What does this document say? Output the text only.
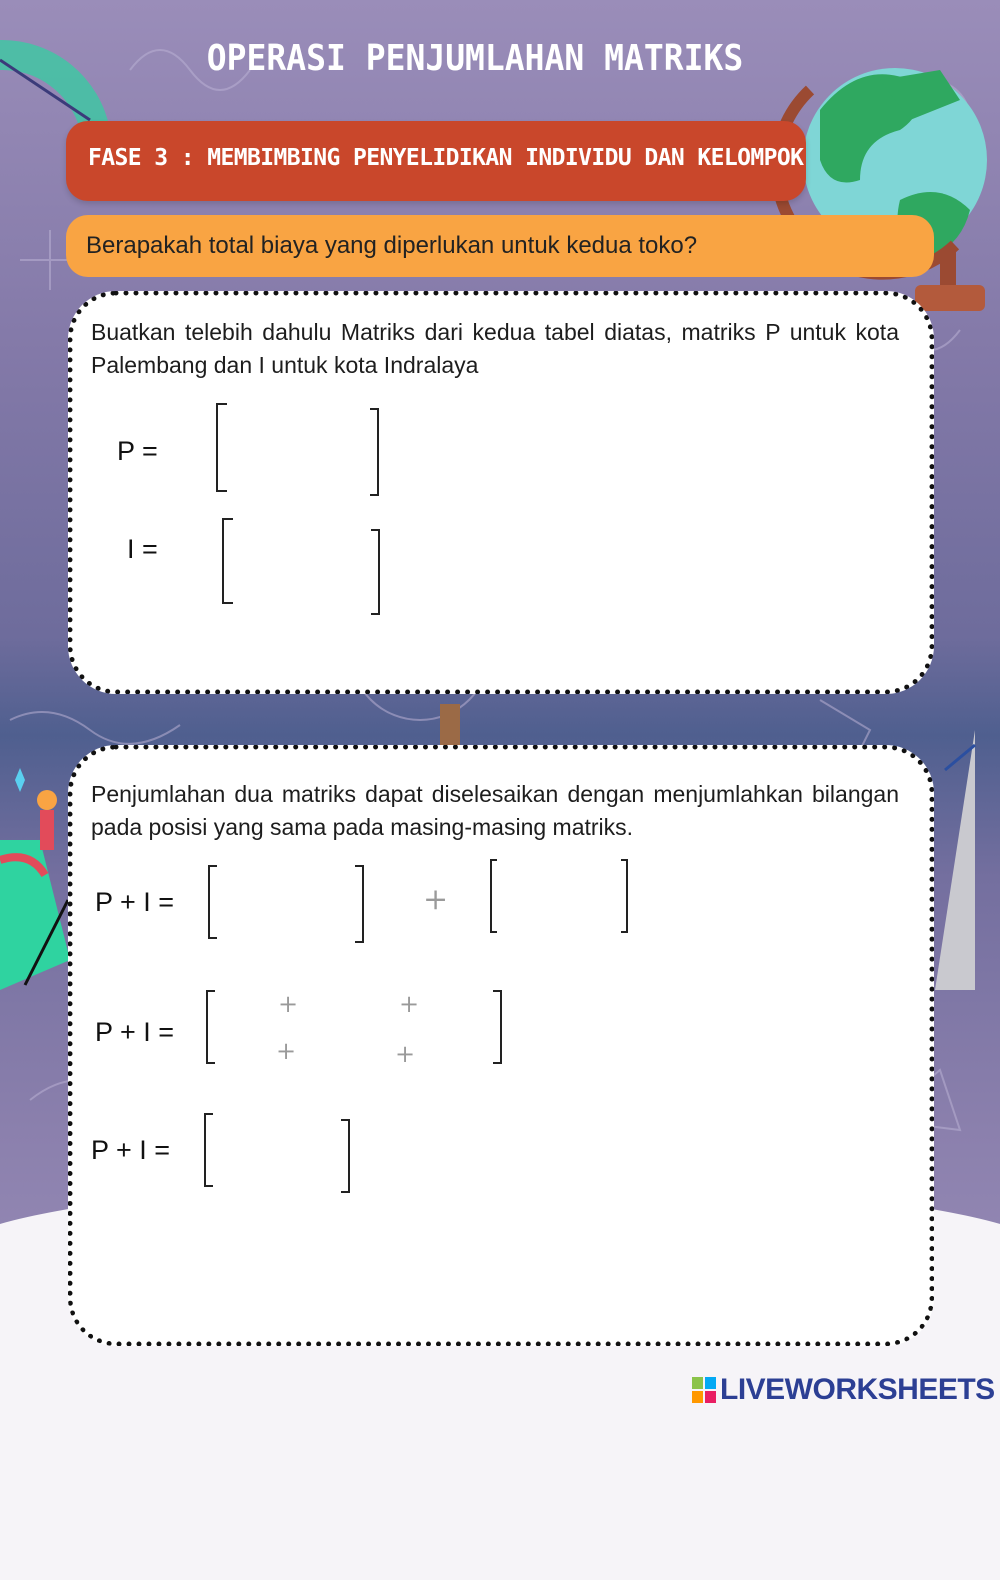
OPERASI PENJUMLAHAN MATRIKS
FASE 3 : MEMBIMBING PENYELIDIKAN INDIVIDU DAN KELOMPOK
Berapakah total biaya yang diperlukan untuk kedua toko?

Buatkan telebih dahulu Matriks dari kedua tabel diatas, matriks P untuk kota Palembang dan I untuk kota Indralaya

P =
I =

Penjumlahan dua matriks dapat diselesaikan dengan menjumlahkan bilangan pada posisi yang sama pada masing-masing matriks.

P + I =	+
P + I =
+	+
+	+
P + I =
LIVEWORKSHEETS
